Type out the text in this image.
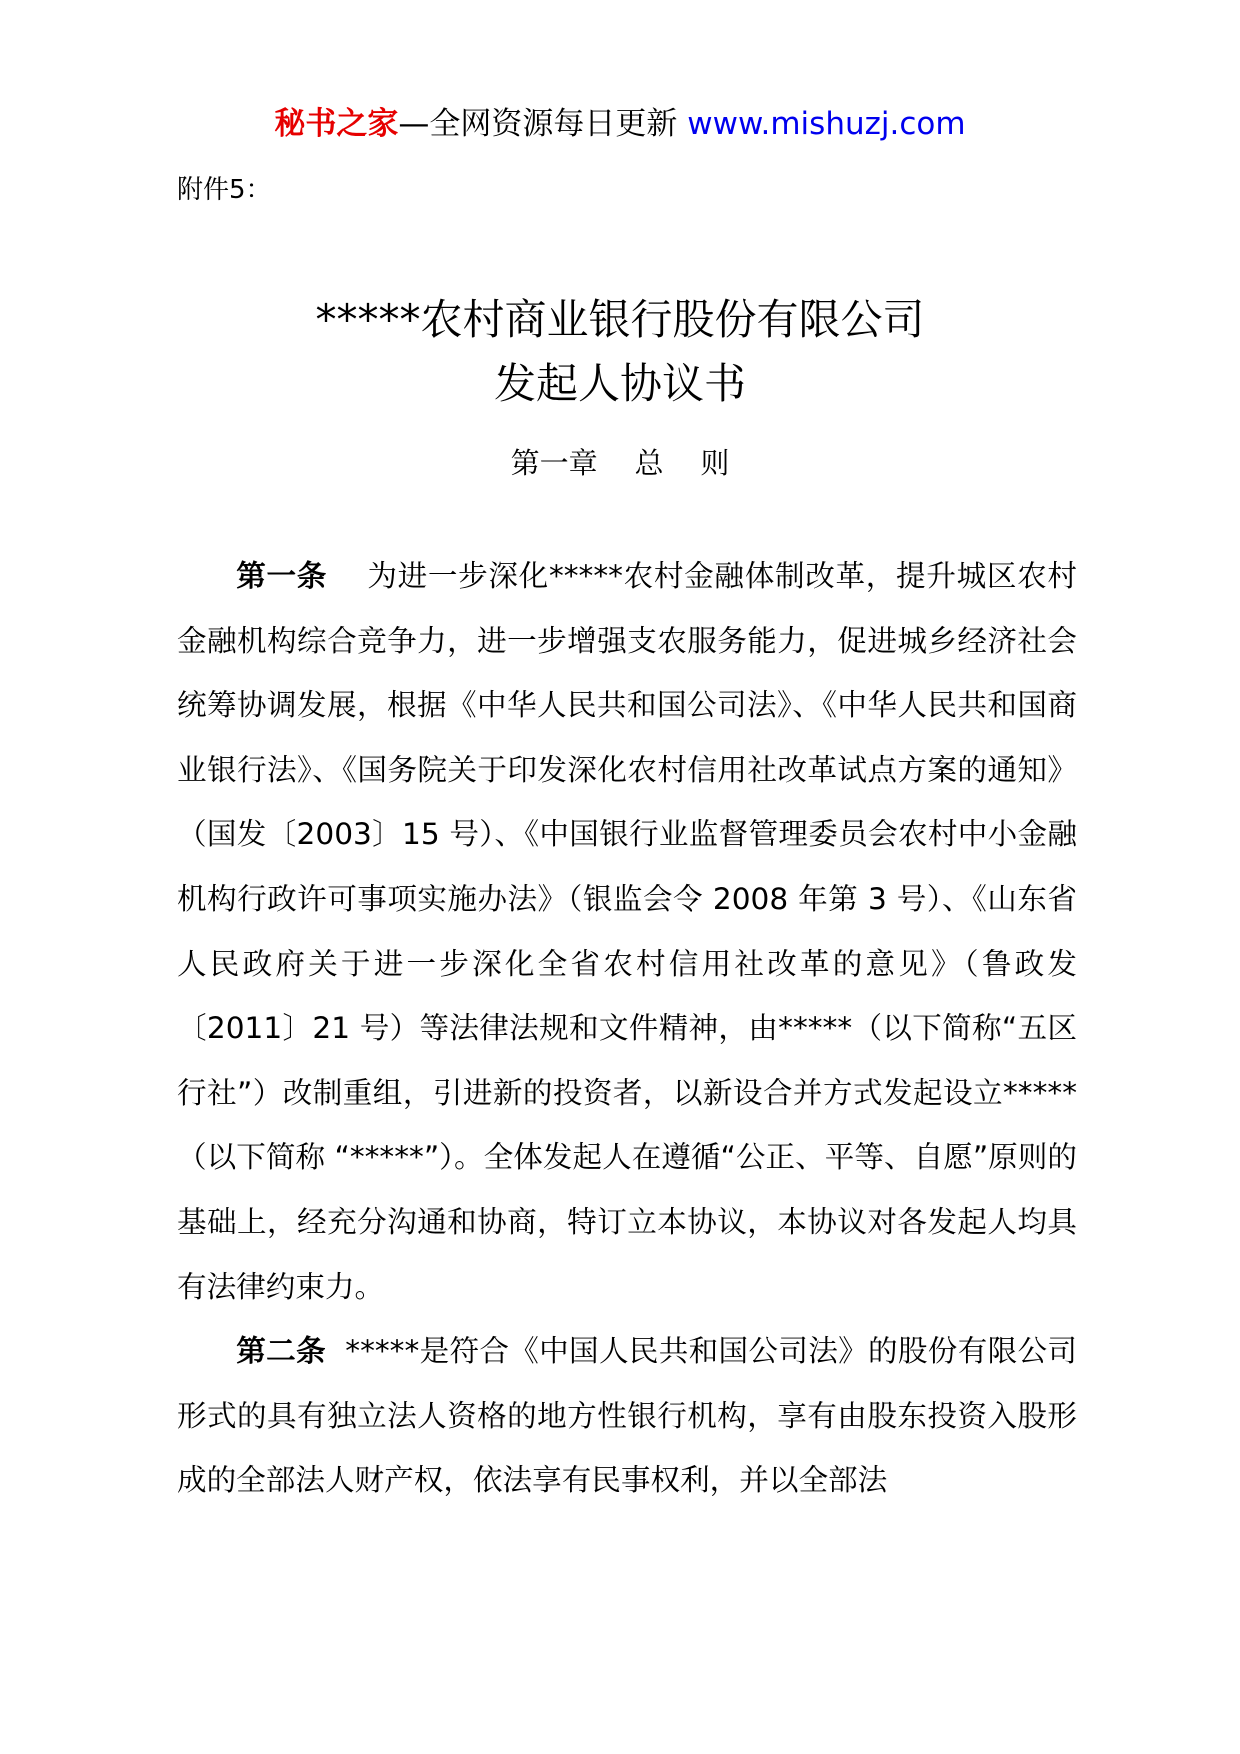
秘书之家—全网资源每日更新 www.mishuzj.com
附件5：
*****农村商业银行股份有限公司
发起人协议书
第一章    总    则

第一条    为进一步深化*****农村金融体制改革，提升城区农村金融机构综合竞争力，进一步增强支农服务能力，促进城乡经济社会统筹协调发展，根据《中华人民共和国公司法》、《中华人民共和国商业银行法》、《国务院关于印发深化农村信用社改革试点方案的通知》（国发〔2003〕15 号）、《中国银行业监督管理委员会农村中小金融机构行政许可事项实施办法》（银监会令 2008 年第 3 号）、《山东省人民政府关于进一步深化全省农村信用社改革的意见》（鲁政发〔2011〕21 号）等法律法规和文件精神，由*****（以下简称“五区行社”）改制重组，引进新的投资者，以新设合并方式发起设立*****（以下简称 “*****”）。全体发起人在遵循“公正、平等、自愿”原则的基础上，经充分沟通和协商，特订立本协议，本协议对各发起人均具有法律约束力。

第二条  *****是符合《中国人民共和国公司法》的股份有限公司形式的具有独立法人资格的地方性银行机构，享有由股东投资入股形成的全部法人财产权，依法享有民事权利，并以全部法
